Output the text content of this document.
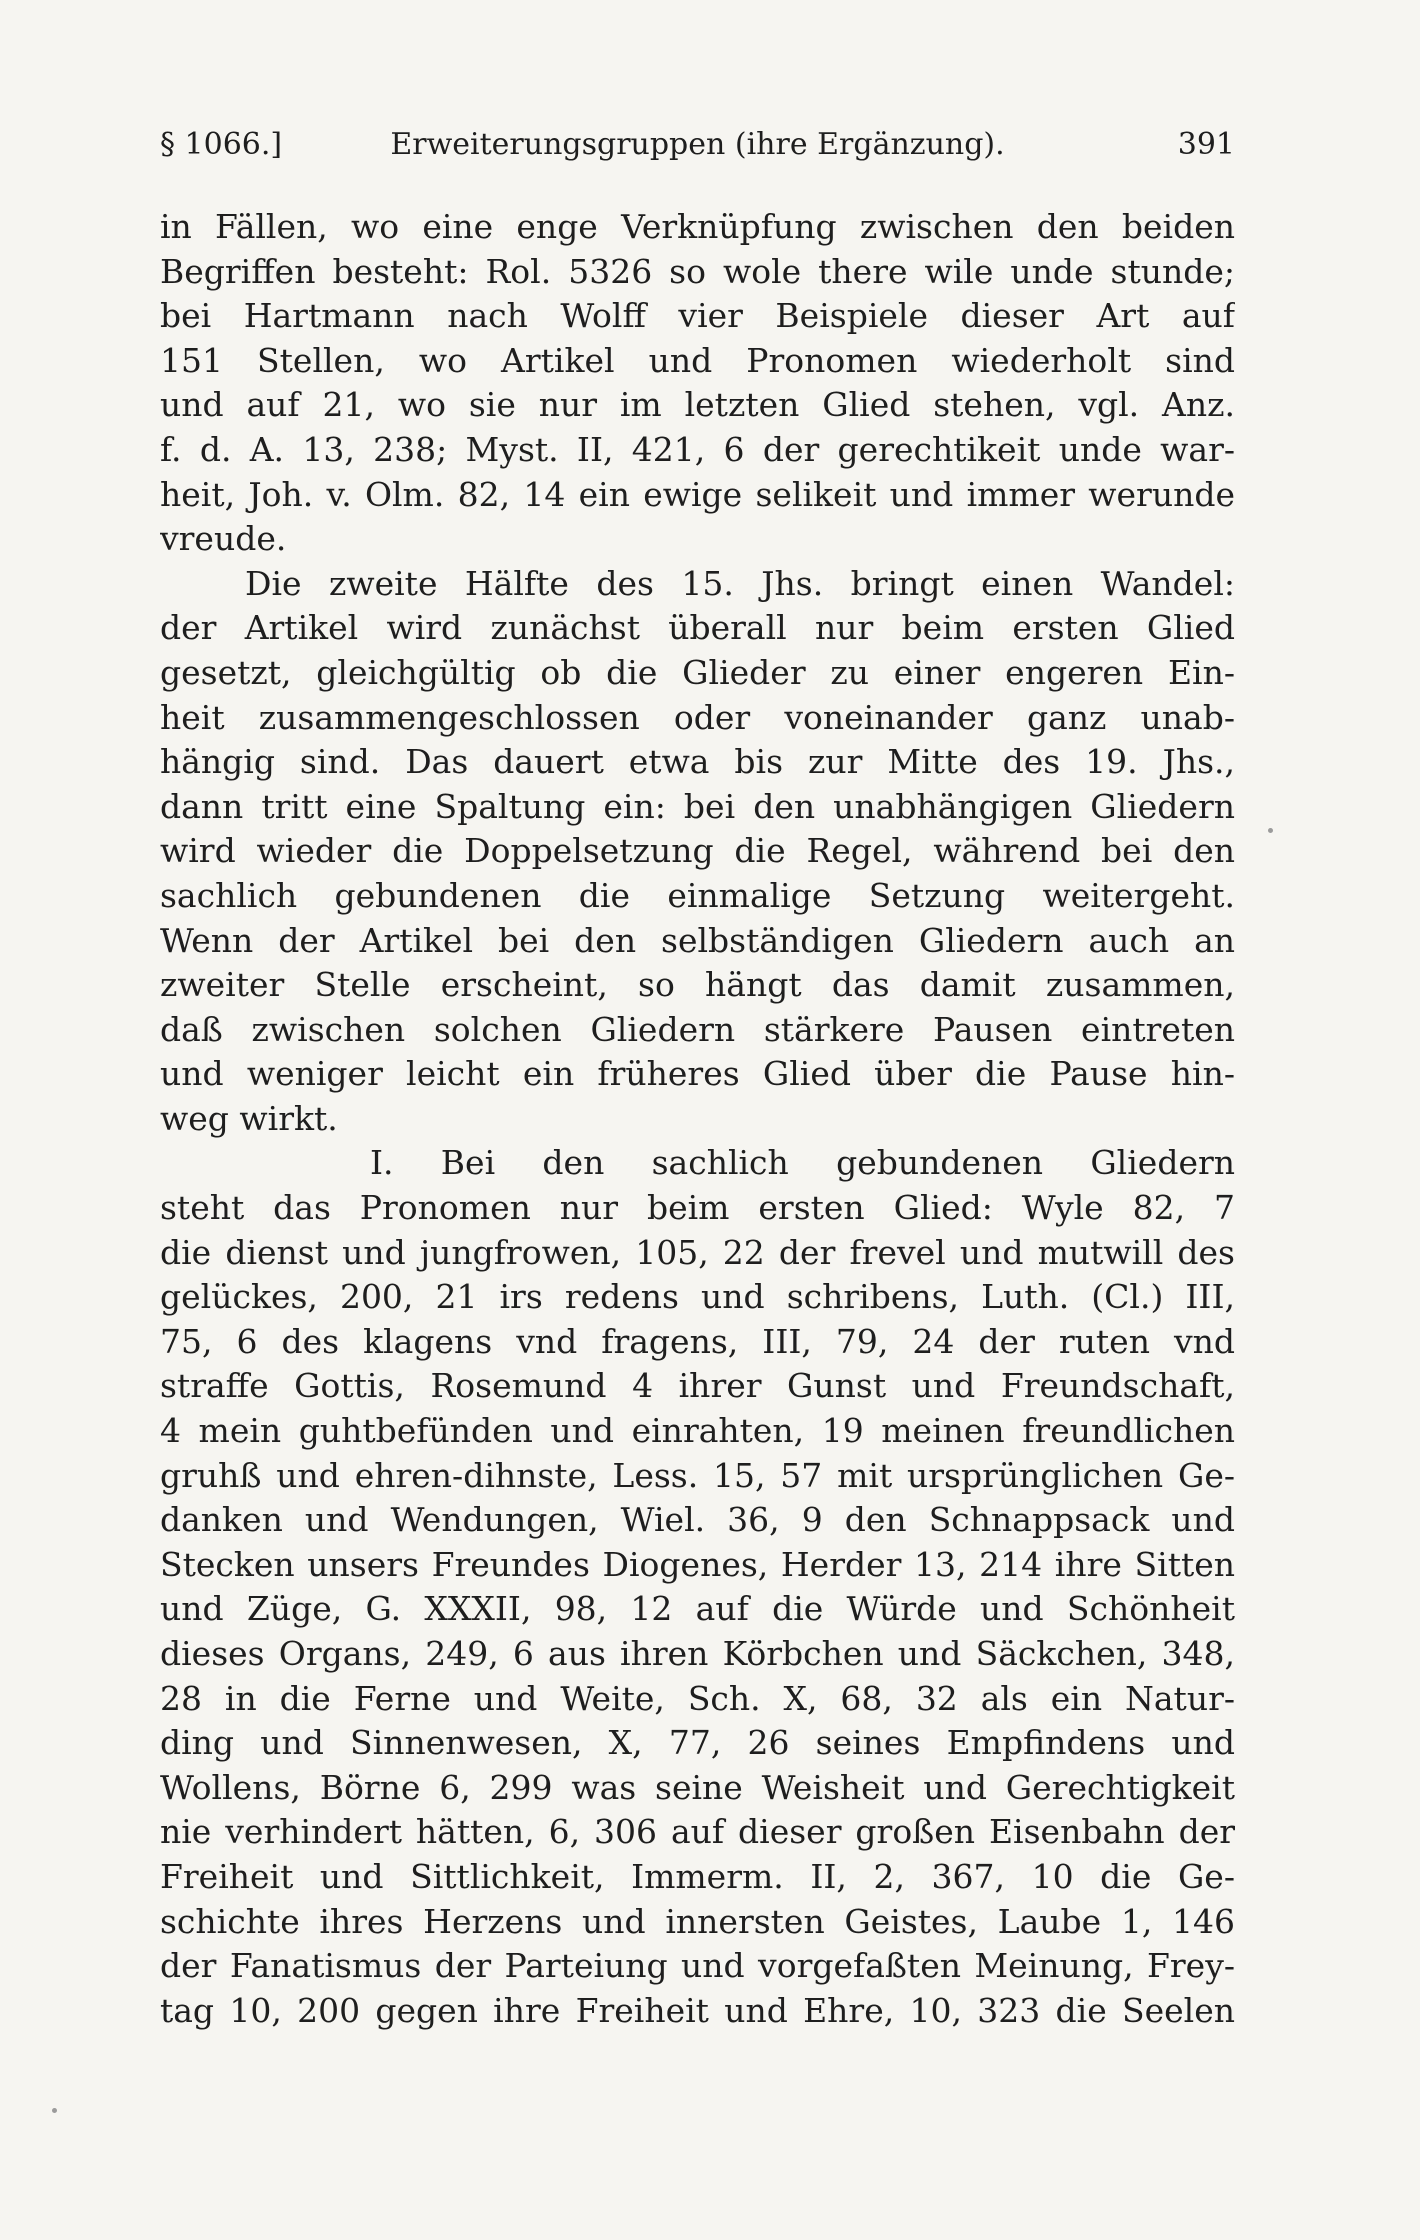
§ 1066.]	Erweiterungsgruppen (ihre Ergänzung).	391
in Fällen, wo eine enge Verknüpfung zwischen den beiden
Begriffen besteht: Rol. 5326 so wole there wile unde stunde;
bei Hartmann nach Wolff vier Beispiele dieser Art auf
151 Stellen, wo Artikel und Pronomen wiederholt sind
und auf 21, wo sie nur im letzten Glied stehen, vgl. Anz.
f. d. A. 13, 238; Myst. II, 421, 6 der gerechtikeit unde war-
heit, Joh. v. Olm. 82, 14 ein ewige selikeit und immer werunde
vreude.
Die zweite Hälfte des 15. Jhs. bringt einen Wandel:
der Artikel wird zunächst überall nur beim ersten Glied
gesetzt, gleichgültig ob die Glieder zu einer engeren Ein-
heit zusammengeschlossen oder voneinander ganz unab-
hängig sind. Das dauert etwa bis zur Mitte des 19. Jhs.,
dann tritt eine Spaltung ein: bei den unabhängigen Gliedern
wird wieder die Doppelsetzung die Regel, während bei den
sachlich gebundenen die einmalige Setzung weitergeht.
Wenn der Artikel bei den selbständigen Gliedern auch an
zweiter Stelle erscheint, so hängt das damit zusammen,
daß zwischen solchen Gliedern stärkere Pausen eintreten
und weniger leicht ein früheres Glied über die Pause hin-
weg wirkt.
I. Bei den sachlich gebundenen Gliedern
steht das Pronomen nur beim ersten Glied: Wyle 82, 7
die dienst und jungfrowen, 105, 22 der frevel und mutwill des
gelückes, 200, 21 irs redens und schribens, Luth. (Cl.) III,
75, 6 des klagens vnd fragens, III, 79, 24 der ruten vnd
straffe Gottis, Rosemund 4 ihrer Gunst und Freundschaft,
4 mein guhtbefünden und einrahten, 19 meinen freundlichen
gruhß und ehren-dihnste, Less. 15, 57 mit ursprünglichen Ge-
danken und Wendungen, Wiel. 36, 9 den Schnappsack und
Stecken unsers Freundes Diogenes, Herder 13, 214 ihre Sitten
und Züge, G. XXXII, 98, 12 auf die Würde und Schönheit
dieses Organs, 249, 6 aus ihren Körbchen und Säckchen, 348,
28 in die Ferne und Weite, Sch. X, 68, 32 als ein Natur-
ding und Sinnenwesen, X, 77, 26 seines Empfindens und
Wollens, Börne 6, 299 was seine Weisheit und Gerechtigkeit
nie verhindert hätten, 6, 306 auf dieser großen Eisenbahn der
Freiheit und Sittlichkeit, Immerm. II, 2, 367, 10 die Ge-
schichte ihres Herzens und innersten Geistes, Laube 1, 146
der Fanatismus der Parteiung und vorgefaßten Meinung, Frey-
tag 10, 200 gegen ihre Freiheit und Ehre, 10, 323 die Seelen
